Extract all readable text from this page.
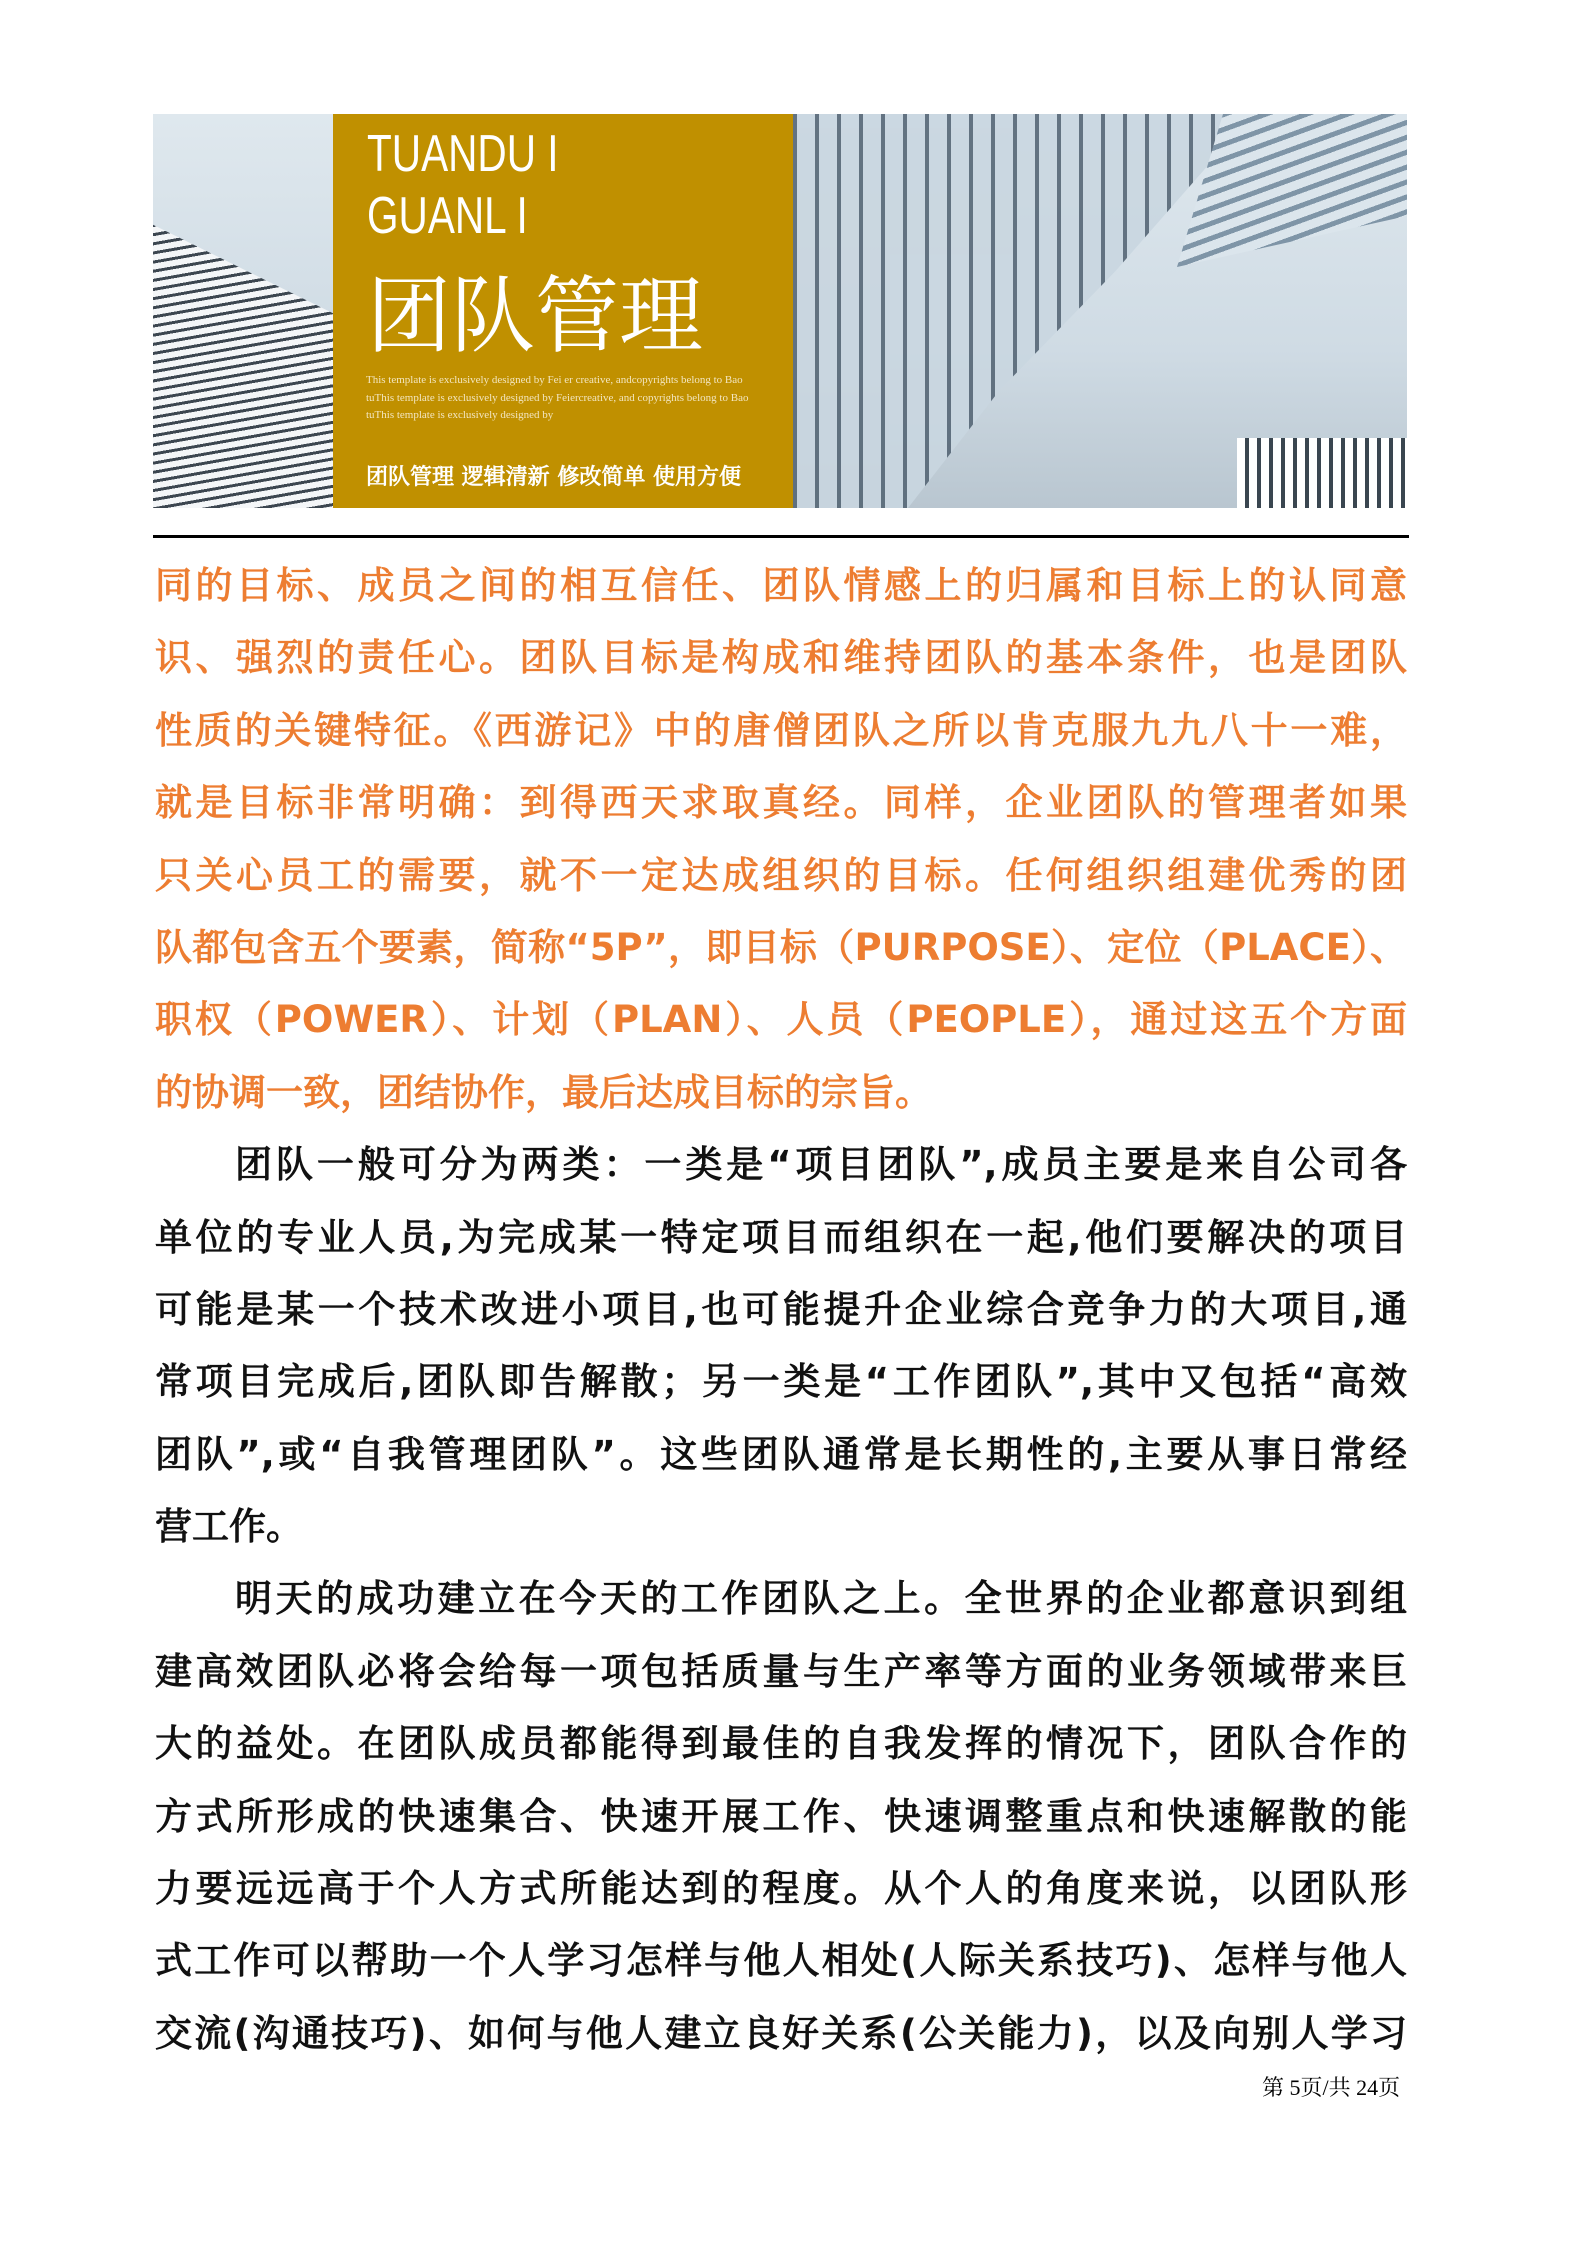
TUANDU I
GUANL I
团队管理
This template is exclusively designed by Fei er creative, andcopyrights belong to Bao tuThis template is exclusively designed by Feiercreative, and copyrights belong to Bao tuThis template is exclusively designed by
团队管理 逻辑清新 修改简单 使用方便
同的目标、成员之间的相互信任、团队情感上的归属和目标上的认同意
识、强烈的责任心。团队目标是构成和维持团队的基本条件，也是团队
性质的关键特征。《西游记》中的唐僧团队之所以肯克服九九八十一难，
就是目标非常明确：到得西天求取真经。同样，企业团队的管理者如果
只关心员工的需要，就不一定达成组织的目标。任何组织组建优秀的团
队都包含五个要素，简称“5P”，即目标（PURPOSE）、定位（PLACE）、
职权（POWER）、计划（PLAN）、人员（PEOPLE），通过这五个方面
的协调一致，团结协作，最后达成目标的宗旨。
团队一般可分为两类：一类是“项目团队”,成员主要是来自公司各
单位的专业人员,为完成某一特定项目而组织在一起,他们要解决的项目
可能是某一个技术改进小项目,也可能提升企业综合竞争力的大项目,通
常项目完成后,团队即告解散；另一类是“工作团队”,其中又包括“高效
团队”,或“自我管理团队”。这些团队通常是长期性的,主要从事日常经
营工作。
明天的成功建立在今天的工作团队之上。全世界的企业都意识到组
建高效团队必将会给每一项包括质量与生产率等方面的业务领域带来巨
大的益处。在团队成员都能得到最佳的自我发挥的情况下，团队合作的
方式所形成的快速集合、快速开展工作、快速调整重点和快速解散的能
力要远远高于个人方式所能达到的程度。从个人的角度来说，以团队形
式工作可以帮助一个人学习怎样与他人相处(人际关系技巧)、怎样与他人
交流(沟通技巧)、如何与他人建立良好关系(公关能力)，以及向别人学习
第 5页/共 24页
